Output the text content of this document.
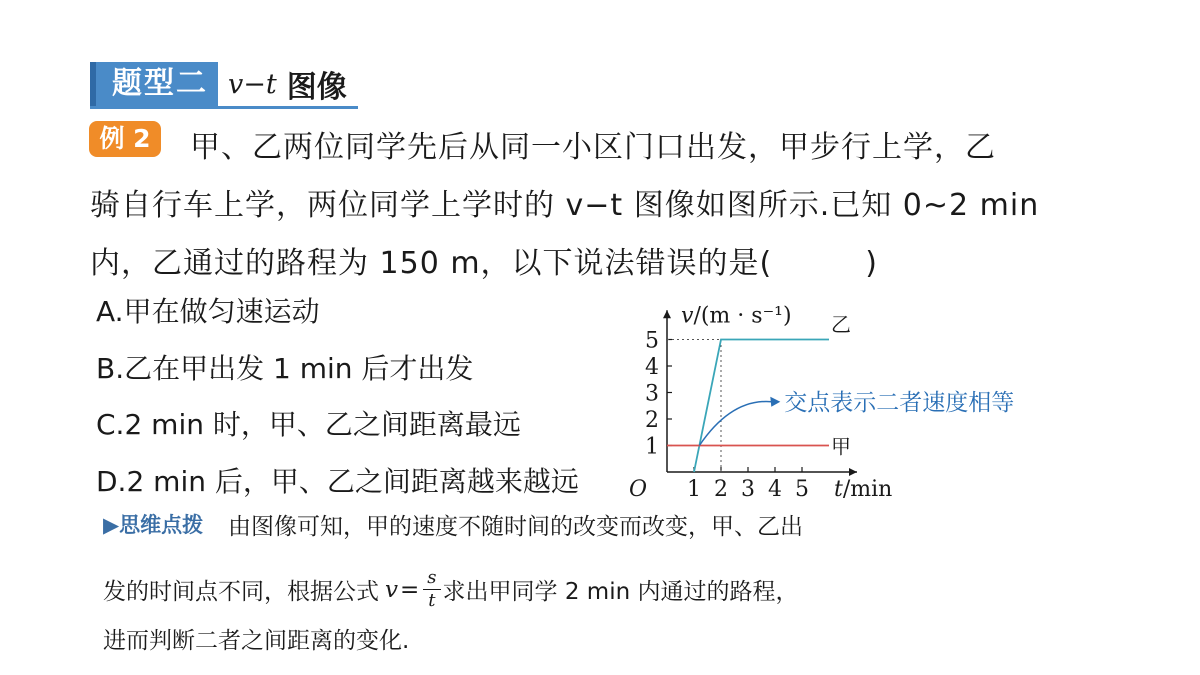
题型二 v−t 图像
例 2	甲、乙两位同学先后从同一小区门口出发，甲步行上学，乙
骑自行车上学，两位同学上学时的 v−t 图像如图所示.已知 0~2 min
内，乙通过的路程为 150 m，以下说法错误的是(　　　)
A.甲在做匀速运动
B.乙在甲出发 1 min 后才出发
C.2 min 时，甲、乙之间距离最远
D.2 min 后，甲、乙之间距离越来越远	1 2 3 4 5
1
2
3
4
5
O
v/(m · s⁻¹)
t/min
乙
甲
交点表示二者速度相等
▶思维点拨 由图像可知，甲的速度不随时间的改变而改变，甲、乙出
发的时间点不同，根据公式 $v = \frac{s}{t}$ 求出甲同学 2 min 内通过的路程，
进而判断二者之间距离的变化.
